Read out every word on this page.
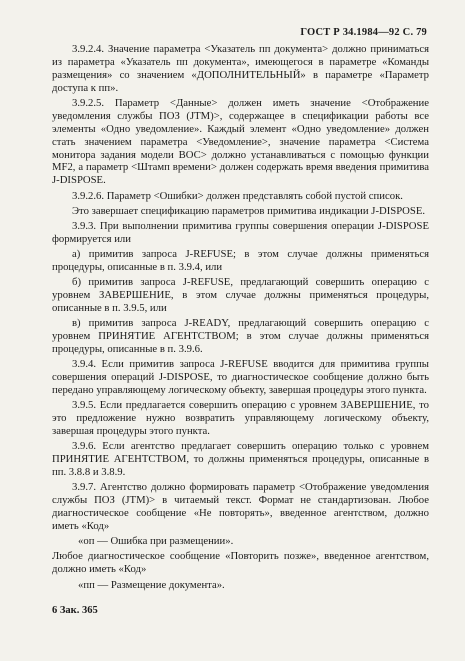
ГОСТ Р 34.1984—92 С. 79

3.9.2.4. Значение параметра <Указатель пп документа> должно приниматься из параметра «Указатель пп документа», имеющегося в параметре «Команды размещения» со значением «ДОПОЛНИТЕЛЬНЫЙ» в параметре «Параметр доступа к пп».

3.9.2.5. Параметр <Данные> должен иметь значение <Отображение уведомления службы ПОЗ (JTM)>, содержащее в спецификации работы все элементы «Одно уведомление». Каждый элемент «Одно уведомление» должен стать значением параметра <Уведомление>, значение параметра <Система монитора задания модели ВОС> должно устанавливаться с помощью функции MF2, а параметр <Штамп времени> должен содержать время введения примитива J-DISPOSE.

3.9.2.6. Параметр <Ошибки> должен представлять собой пустой список.

Это завершает спецификацию параметров примитива индикации J-DISPOSE.

3.9.3. При выполнении примитива группы совершения операции J-DISPOSE формируется или

а) примитив запроса J-REFUSE; в этом случае должны применяться процедуры, описанные в п. 3.9.4, или

б) примитив запроса J-REFUSE, предлагающий совершить операцию с уровнем ЗАВЕРШЕНИЕ, в этом случае должны применяться процедуры, описанные в п. 3.9.5, или

в) примитив запроса J-READY, предлагающий совершить операцию с уровнем ПРИНЯТИЕ АГЕНТСТВОМ; в этом случае должны применяться процедуры, описанные в п. 3.9.6.

3.9.4. Если примитив запроса J-REFUSE вводится для примитива группы совершения операций J-DISPOSE, то диагностическое сообщение должно быть передано управляющему логическому объекту, завершая процедуры этого пункта.

3.9.5. Если предлагается совершить операцию с уровнем ЗАВЕРШЕНИЕ, то это предложение нужно возвратить управляющему логическому объекту, завершая процедуры этого пункта.

3.9.6. Если агентство предлагает совершить операцию только с уровнем ПРИНЯТИЕ АГЕНТСТВОМ, то должны применяться процедуры, описанные в пп. 3.8.8 и 3.8.9.

3.9.7. Агентство должно формировать параметр <Отображение уведомления службы ПОЗ (JTM)> в читаемый текст. Формат не стандартизован. Любое диагностическое сообщение «Не повторять», введенное агентством, должно иметь «Код»

«оп — Ошибка при размещении».

Любое диагностическое сообщение «Повторить позже», введенное агентством, должно иметь «Код»

«пп — Размещение документа».

6 Зак. 365
